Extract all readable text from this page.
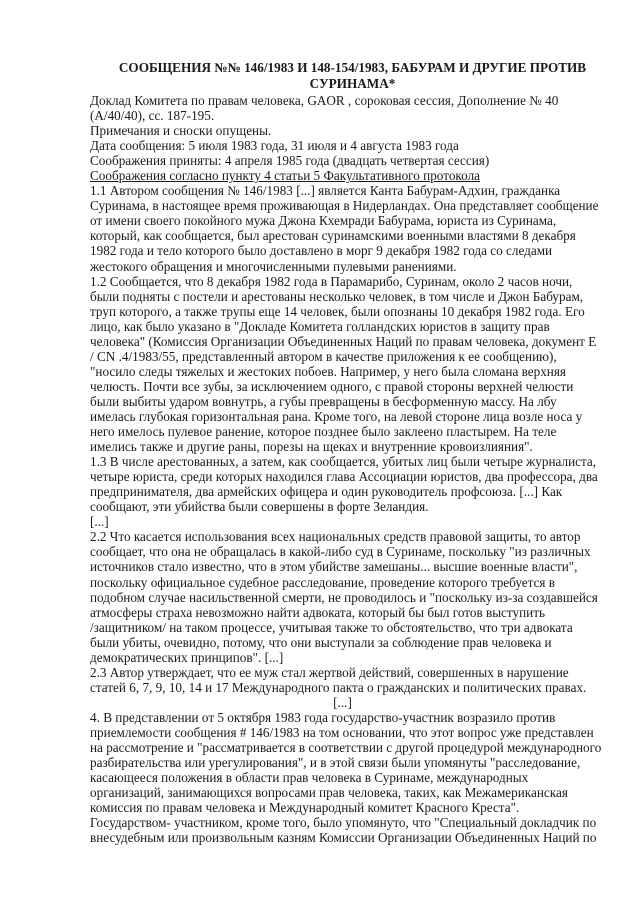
СООБЩЕНИЯ №№ 146/1983 И 148-154/1983, БАБУРАМ И ДРУГИЕ ПРОТИВ
СУРИНАМА*

Доклад Комитета по правам человека, GAOR , сороковая сессия, Дополнение № 40

(A/40/40), сс. 187-195.

Примечания и сноски опущены.

Дата сообщения: 5 июля 1983 года, 31 июля и 4 августа 1983 года

Соображения приняты: 4 апреля 1985 года (двадцать четвертая сессия)

Соображения согласно пункту 4 статьи 5 Факультативного протокола

1.1 Автором сообщения № 146/1983 [...] является Канта Бабурам-Адхин, гражданка

Суринама, в настоящее время проживающая в Нидерландах. Она представляет сообщение

от имени своего покойного мужа Джона Кхемради Бабурама, юриста из Суринама,

который, как сообщается, был арестован суринамскими военными властями 8 декабря

1982 года и тело которого было доставлено в морг 9 декабря 1982 года со следами

жестокого обращения и многочисленными пулевыми ранениями.

1.2 Сообщается, что 8 декабря 1982 года в Парамарибо, Суринам, около 2 часов ночи,

были подняты с постели и арестованы несколько человек, в том числе и Джон Бабурам,

труп которого, а также трупы еще 14 человек, были опознаны 10 декабря 1982 года. Его

лицо, как было указано в "Докладе Комитета голландских юристов в защиту прав

человека" (Комиссия Организации Объединенных Наций по правам человека, документ E

/ CN .4/1983/55, представленный автором в качестве приложения к ее сообщению),

"носило следы тяжелых и жестоких побоев. Например, у него была сломана верхняя

челюсть. Почти все зубы, за исключением одного, с правой стороны верхней челюсти

были выбиты ударом вовнутрь, а губы превращены в бесформенную массу. На лбу

имелась глубокая горизонтальная рана. Кроме того, на левой стороне лица возле носа у

него имелось пулевое ранение, которое позднее было заклеено пластырем. На теле

имелись также и другие раны, порезы на щеках и внутренние кровоизлияния".

1.3 В числе арестованных, а затем, как сообщается, убитых лиц были четыре журналиста,

четыре юриста, среди которых находился глава Ассоциации юристов, два профессора, два

предпринимателя, два армейских офицера и один руководитель профсоюза. [...] Как

сообщают, эти убийства были совершены в форте Зеландия.

[...]

2.2 Что касается использования всех национальных средств правовой защиты, то автор

сообщает, что она не обращалась в какой-либо суд в Суринаме, поскольку "из различных

источников стало известно, что в этом убийстве замешаны... высшие военные власти",

поскольку официальное судебное расследование, проведение которого требуется в

подобном случае насильственной смерти, не проводилось и "поскольку из-за создавшейся

атмосферы страха невозможно найти адвоката, который бы был готов выступить

/защитником/ на таком процессе, учитывая также то обстоятельство, что три адвоката

были убиты, очевидно, потому, что они выступали за соблюдение прав человека и

демократических принципов". [...]

2.3 Автор утверждает, что ее муж стал жертвой действий, совершенных в нарушение

статей 6, 7, 9, 10, 14 и 17 Международного пакта о гражданских и политических правах.

[...]

4. В представлении от 5 октября 1983 года государство-участник возразило против

приемлемости сообщения # 146/1983 на том основании, что этот вопрос уже представлен

на рассмотрение и "рассматривается в соответствии с другой процедурой международного

разбирательства или урегулирования", и в этой связи были упомянуты "расследование,

касающееся положения в области прав человека в Суринаме, международных

организаций, занимающихся вопросами прав человека, таких, как Межамериканская

комиссия по правам человека и Международный комитет Красного Креста".

Государством- участником, кроме того, было упомянуто, что "Специальный докладчик по

внесудебным или произвольным казням Комиссии Организации Объединенных Наций по
